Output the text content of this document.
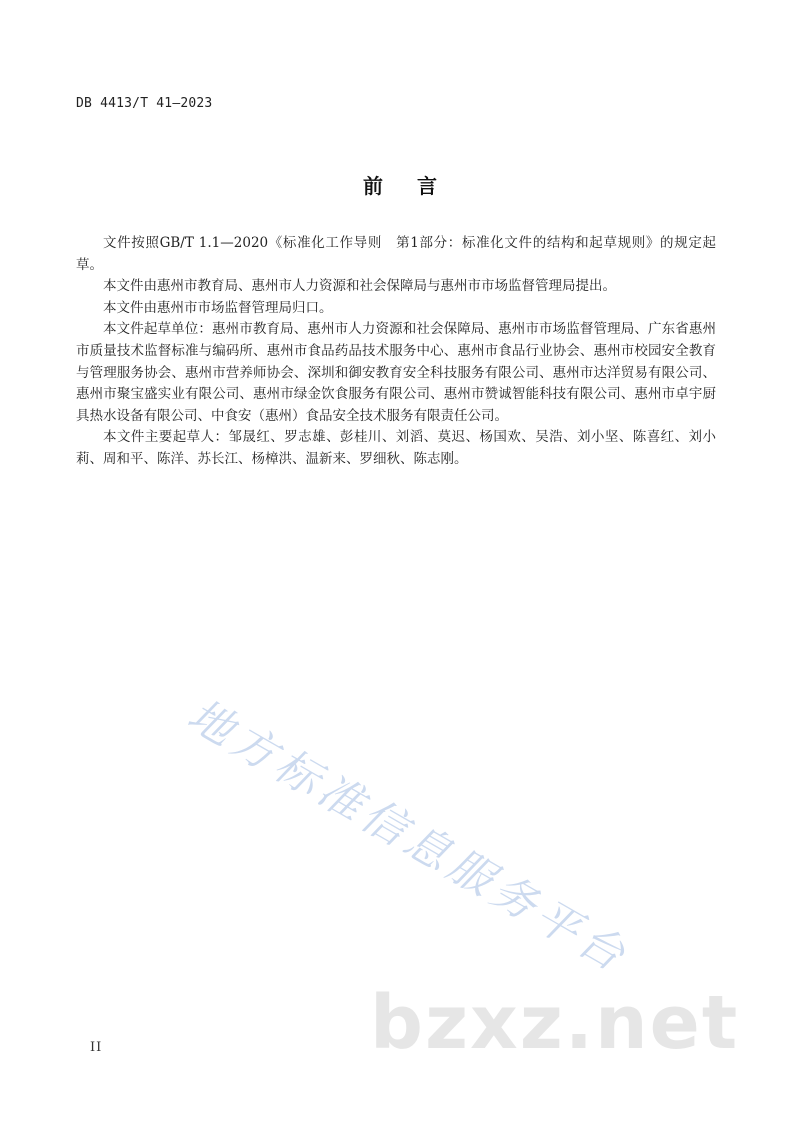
DB 4413/T 41—2023
前言

文件按照GB/T 1.1—2020《标准化工作导则　第1部分：标准化文件的结构和起草规则》的规定起草。

本文件由惠州市教育局、惠州市人力资源和社会保障局与惠州市市场监督管理局提出。

本文件由惠州市市场监督管理局归口。

本文件起草单位：惠州市教育局、惠州市人力资源和社会保障局、惠州市市场监督管理局、广东省惠州市质量技术监督标准与编码所、惠州市食品药品技术服务中心、惠州市食品行业协会、惠州市校园安全教育与管理服务协会、惠州市营养师协会、深圳和御安教育安全科技服务有限公司、惠州市达洋贸易有限公司、惠州市聚宝盛实业有限公司、惠州市绿金饮食服务有限公司、惠州市赞诚智能科技有限公司、惠州市卓宇厨具热水设备有限公司、中食安（惠州）食品安全技术服务有限责任公司。

本文件主要起草人：邹晟红、罗志雄、彭桂川、刘滔、莫迟、杨国欢、吴浩、刘小坚、陈喜红、刘小莉、周和平、陈洋、苏长江、杨樟洪、温新来、罗细秋、陈志刚。

地方标准信息服务平台
bzxz.net
II
